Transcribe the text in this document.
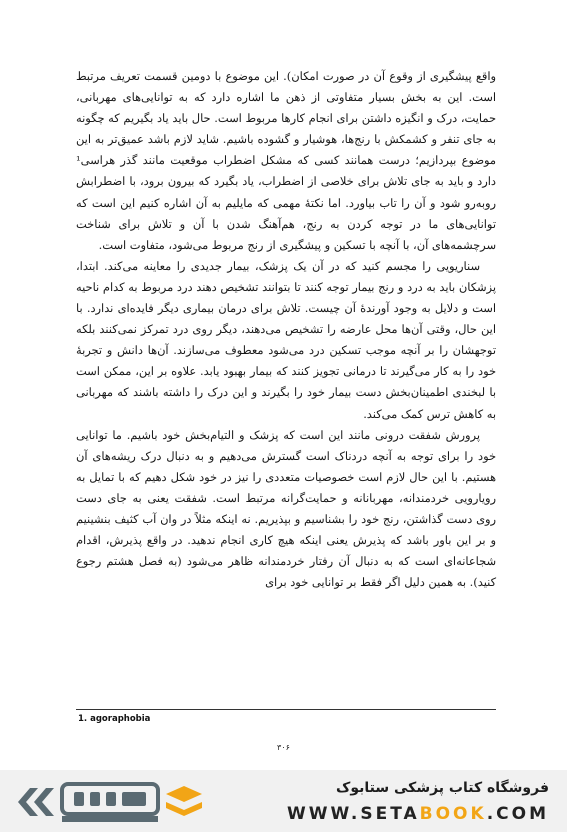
واقع پیشگیری از وقوع آن در صورت امکان). این موضوع با دومین قسمت تعریف مرتبط است. این به بخش بسیار متفاوتی از ذهن ما اشاره دارد که به توانایی‌های مهربانی، حمایت، درک و انگیزه داشتن برای انجام کارها مربوط است. حال باید یاد بگیریم که چگونه به جای تنفر و کشمکش با رنج‌ها، هوشیار و گشوده باشیم. شاید لازم باشد عمیق‌تر به این موضوع بپردازیم؛ درست همانند کسی که مشکل اضطراب موقعیت مانند گذر هراسی¹ دارد و باید به جای تلاش برای خلاصی از اضطراب، یاد بگیرد که بیرون برود، با اضطرابش روبه‌رو شود و آن را تاب بیاورد. اما نکتهٔ مهمی که مایلیم به آن اشاره کنیم این است که توانایی‌های ما در توجه کردن به رنج، هم‌آهنگ شدن با آن و تلاش برای شناخت سرچشمه‌های آن، با آنچه با تسکین و پیشگیری از رنج مربوط می‌شود، متفاوت است.

سناریویی را مجسم کنید که در آن یک پزشک، بیمار جدیدی را معاینه می‌کند. ابتدا، پزشکان باید به درد و رنج بیمار توجه کنند تا بتوانند تشخیص دهند درد مربوط به کدام ناحیه است و دلایل به وجود آورندهٔ آن چیست. تلاش برای درمان بیماری دیگر فایده‌ای ندارد. با این حال، وقتی آن‌ها محل عارضه را تشخیص می‌دهند، دیگر روی درد تمرکز نمی‌کنند بلکه توجهشان را بر آنچه موجب تسکین درد می‌شود معطوف می‌سازند. آن‌ها دانش و تجربهٔ خود را به کار می‌گیرند تا درمانی تجویز کنند که بیمار بهبود یابد. علاوه بر این، ممکن است با لبخندی اطمینان‌بخش دست بیمار خود را بگیرند و این درک را داشته باشند که مهربانی به کاهش ترس کمک می‌کند.

پرورش شفقت درونی مانند این است که پزشک و التیام‌بخش خود باشیم. ما توانایی خود را برای توجه به آنچه دردناک است گسترش می‌دهیم و به دنبال درک ریشه‌های آن هستیم. با این حال لازم است خصوصیات متعددی را نیز در خود شکل دهیم که با تمایل به رویارویی خردمندانه، مهربانانه و حمایت‌گرانه مرتبط است. شفقت یعنی به جای دست روی دست گذاشتن، رنج خود را بشناسیم و بپذیریم. نه اینکه مثلاً در وان آب کثیف بنشینیم و بر این باور باشد که پذیرش یعنی اینکه هیچ کاری انجام ندهید. در واقع پذیرش، اقدام شجاعانه‌ای است که به دنبال آن رفتار خردمندانه ظاهر می‌شود (به فصل هشتم رجوع کنید). به همین دلیل اگر فقط بر توانایی خود برای

1. agoraphobia
۳۰۶
فروشگاه کتاب پزشکی ستابوک
WWW.SETABOOK.COM
